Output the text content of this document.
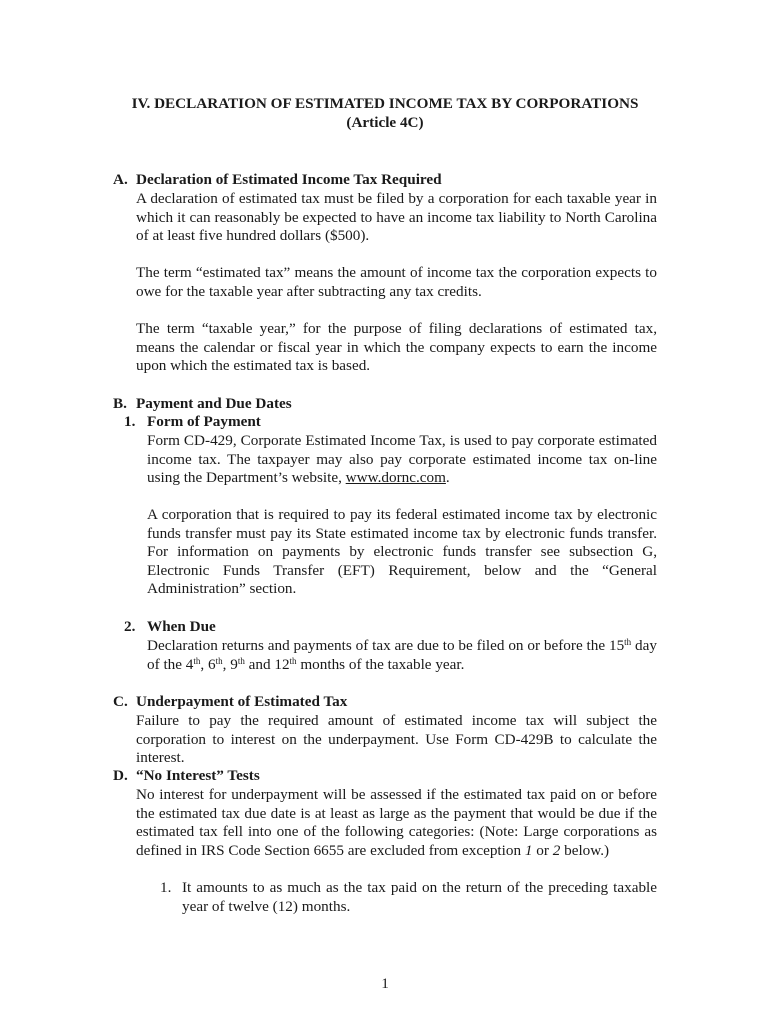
IV. DECLARATION OF ESTIMATED INCOME TAX BY CORPORATIONS
(Article 4C)
A. Declaration of Estimated Income Tax Required
A declaration of estimated tax must be filed by a corporation for each taxable year in which it can reasonably be expected to have an income tax liability to North Carolina of at least five hundred dollars ($500).
The term “estimated tax” means the amount of income tax the corporation expects to owe for the taxable year after subtracting any tax credits.
The term “taxable year,” for the purpose of filing declarations of estimated tax, means the calendar or fiscal year in which the company expects to earn the income upon which the estimated tax is based.
B. Payment and Due Dates
1. Form of Payment
Form CD-429, Corporate Estimated Income Tax, is used to pay corporate estimated income tax. The taxpayer may also pay corporate estimated income tax on-line using the Department’s website, www.dornc.com.
A corporation that is required to pay its federal estimated income tax by electronic funds transfer must pay its State estimated income tax by electronic funds transfer. For information on payments by electronic funds transfer see subsection G, Electronic Funds Transfer (EFT) Requirement, below and the “General Administration” section.
2. When Due
Declaration returns and payments of tax are due to be filed on or before the 15th day of the 4th, 6th, 9th and 12th months of the taxable year.
C. Underpayment of Estimated Tax
Failure to pay the required amount of estimated income tax will subject the corporation to interest on the underpayment. Use Form CD-429B to calculate the interest.
D. “No Interest” Tests
No interest for underpayment will be assessed if the estimated tax paid on or before the estimated tax due date is at least as large as the payment that would be due if the estimated tax fell into one of the following categories: (Note: Large corporations as defined in IRS Code Section 6655 are excluded from exception 1 or 2 below.)
1. It amounts to as much as the tax paid on the return of the preceding taxable year of twelve (12) months.
1
